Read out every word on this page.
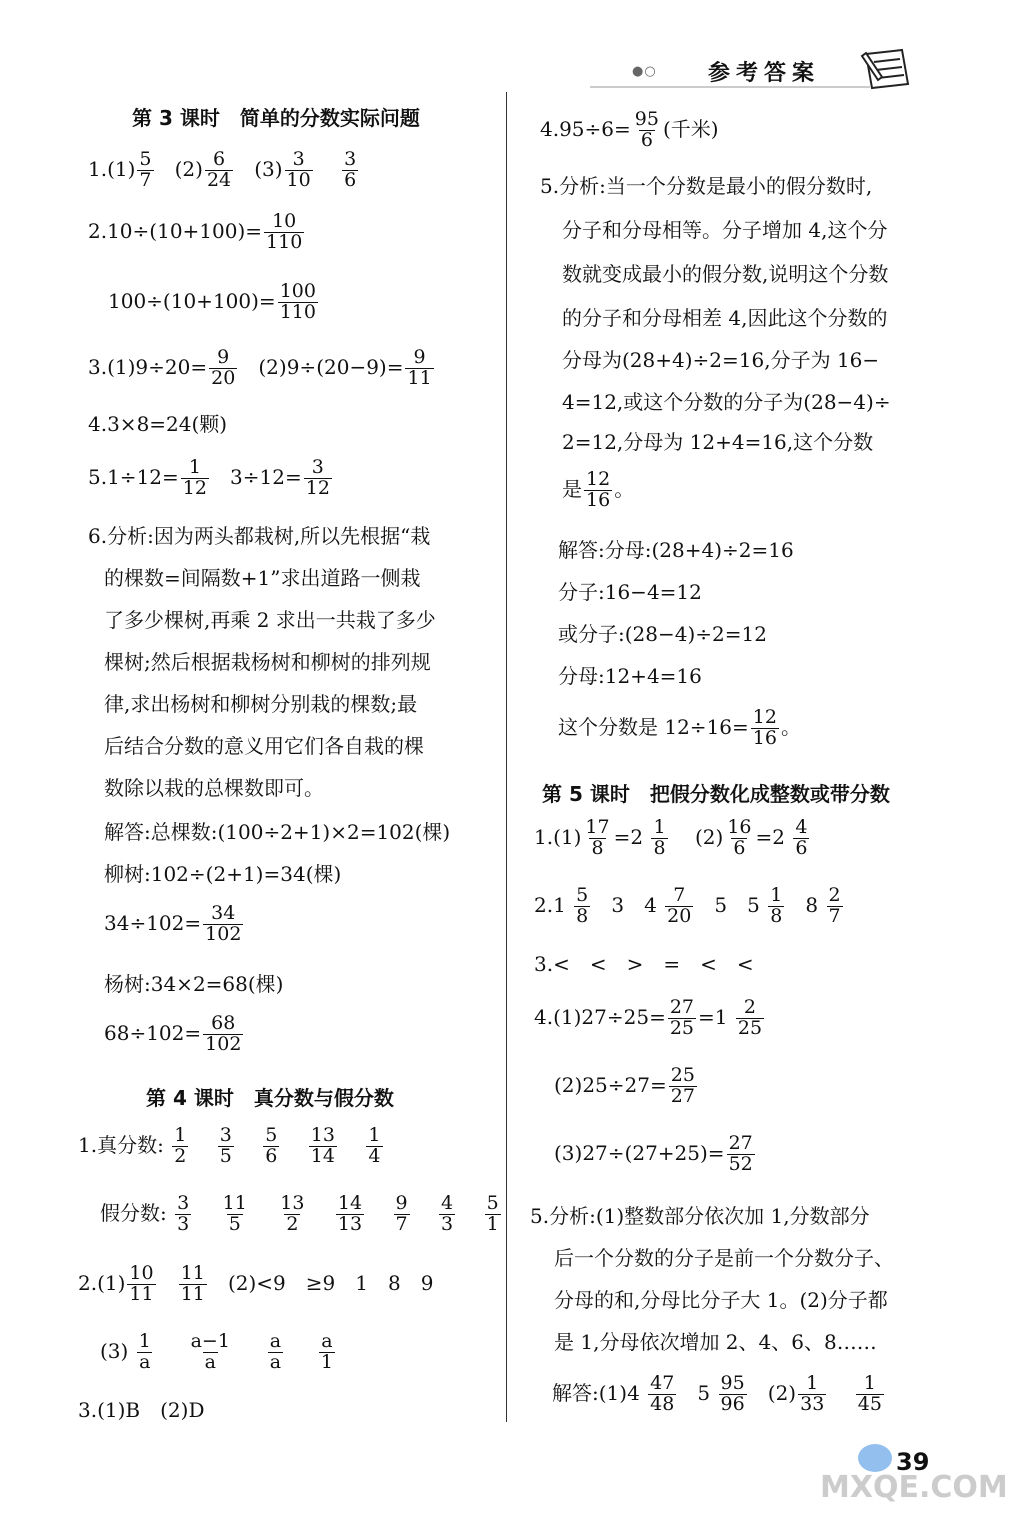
●○ 参考答案
第 3 课时　简单的分数实际问题
$1.(1) \frac{5}{7} (2) \frac{6}{24} (3) \frac{3}{10}$
$\frac{3}{6}$
$2.10\div(10+100)= \frac{10}{110}$
$100\div(10+100)= \frac{100}{110}$
$3.(1)9\div 20= \frac{9}{20} (2)9\div(20-9)= \frac{9}{11}$
4.3×8=24(颗)
$5.1\div 12= \frac{1}{12} 3\div 12= \frac{3}{12}$
6.分析:因为两头都栽树,所以先根据“栽
的棵数=间隔数+1”求出道路一侧栽
了多少棵树,再乘 2 求出一共栽了多少
棵树;然后根据栽杨树和柳树的排列规
律,求出杨树和柳树分别栽的棵数;最
后结合分数的意义用它们各自栽的棵
数除以栽的总棵数即可。
解答:总棵数:(100÷2+1)×2=102(棵)
柳树:102÷(2+1)=34(棵)
$34\div 102= \frac{34}{102}$
杨树:34×2=68(棵)
$68\div 102= \frac{68}{102}$
第 4 课时　真分数与假分数
1.真分数: $\frac{1}{2}$
$\frac{3}{5}$
$\frac{5}{6}$
$\frac{13}{14}$
$\frac{1}{4}$
假分数: $\frac{3}{3}$
$\frac{11}{5}$
$\frac{13}{2}$
$\frac{14}{13}$
$\frac{9}{7}$
$\frac{4}{3}$
$\frac{5}{1}$
$2.(1) \frac{10}{11}$
$\frac{11}{11} (2)<9$　≥9　1　8　9
$(3) \frac{1}{a}$
$\frac{a-1}{a}$
$\frac{a}{a}$
$\frac{a}{1}$
3.(1)B　(2)D
$4.95\div 6= \frac{95}{6}$ (千米)
5.分析:当一个分数是最小的假分数时,
分子和分母相等。分子增加 4,这个分
数就变成最小的假分数,说明这个分数
的分子和分母相差 4,因此这个分数的
分母为(28+4)÷2=16,分子为 16−
4=12,或这个分数的分子为(28−4)÷
2=12,分母为 12+4=16,这个分数
是 $\frac{12}{16}$ 。
解答:分母:(28+4)÷2=16
分子:16−4=12
或分子:(28−4)÷2=12
分母:12+4=16
这个分数是 $12\div 16= \frac{12}{16}$ 。
第 5 课时　把假分数化成整数或带分数
$1.(1) \frac{17}{8} =2 \frac{1}{8} (2) \frac{16}{6} =2 \frac{4}{6}$
$2.1 \frac{5}{8} 3$　$4 \frac{7}{20} 5$　$5 \frac{1}{8} 8 \frac{2}{7}$
3.<　<　>　=　<　<
$4.(1)27\div 25= \frac{27}{25} =1 \frac{2}{25}$
$(2)25\div 27= \frac{25}{27}$
$(3)27\div(27+25)= \frac{27}{52}$
5.分析:(1)整数部分依次加 1,分数部分
后一个分数的分子是前一个分数分子、
分母的和,分母比分子大 1。(2)分子都
是 1,分母依次增加 2、4、6、8……
解答:(1)4 $\frac{47}{48} 5 \frac{95}{96} (2) \frac{1}{33}$
$\frac{1}{45}$
39
MXQE.COM
